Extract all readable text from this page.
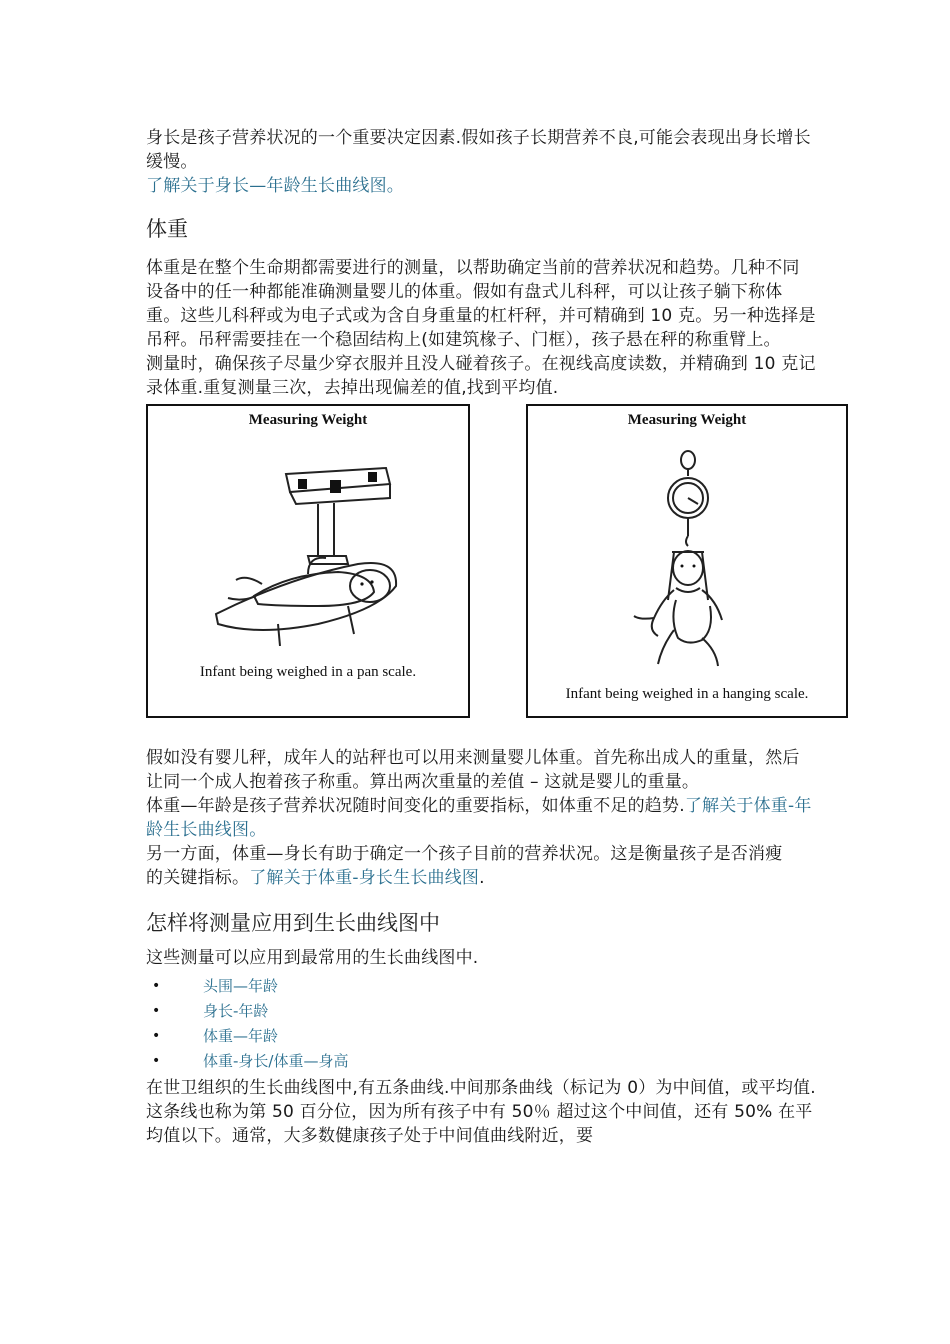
身长是孩子营养状况的一个重要决定因素.假如孩子长期营养不良,可能会表现出身长增长缓慢。
了解关于身长—年龄生长曲线图。

体重

体重是在整个生命期都需要进行的测量，以帮助确定当前的营养状况和趋势。几种不同设备中的任一种都能准确测量婴儿的体重。假如有盘式儿科秤，可以让孩子躺下称体重。这些儿科秤或为电子式或为含自身重量的杠杆秤，并可精确到 10 克。另一种选择是吊秤。吊秤需要挂在一个稳固结构上(如建筑椽子、门框），孩子悬在秤的称重臂上。

测量时，确保孩子尽量少穿衣服并且没人碰着孩子。在视线高度读数，并精确到 10 克记录体重.重复测量三次，去掉出现偏差的值,找到平均值.

Measuring Weight
Infant being weighed in a pan scale.
Measuring Weight
Infant being weighed in a hanging scale.

假如没有婴儿秤，成年人的站秤也可以用来测量婴儿体重。首先称出成人的重量，然后让同一个成人抱着孩子称重。算出两次重量的差值 – 这就是婴儿的重量。

体重—年龄是孩子营养状况随时间变化的重要指标，如体重不足的趋势.了解关于体重-年龄生长曲线图。

另一方面，体重—身长有助于确定一个孩子目前的营养状况。这是衡量孩子是否消瘦　的关键指标。了解关于体重-身长生长曲线图.

怎样将测量应用到生长曲线图中

这些测量可以应用到最常用的生长曲线图中.

•	头围—年龄
•	身长-年龄
•	体重—年龄
•	体重-身长/体重—身高

在世卫组织的生长曲线图中,有五条曲线.中间那条曲线（标记为 0）为中间值，或平均值.这条线也称为第 50 百分位，因为所有孩子中有 50％ 超过这个中间值，还有 50% 在平均值以下。通常，大多数健康孩子处于中间值曲线附近，要
